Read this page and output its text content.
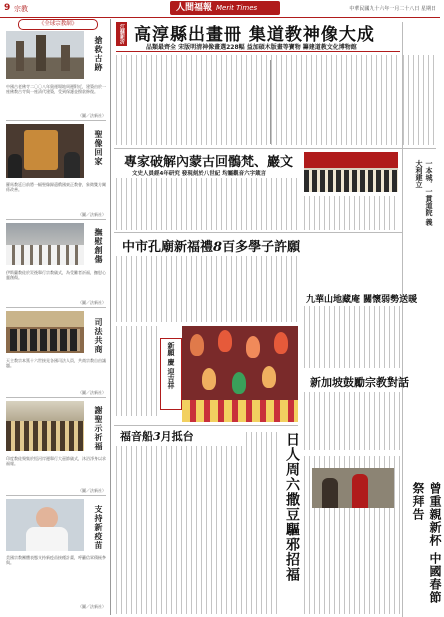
9 宗教	人間福報 Merit Times	中華民國九十六年一月二十八日 星期日
《全球宗教網》
搶救古跡
中國古老佛寺二〇〇八年奧運場地周邊附近，建築由於一座佛教古寺與一座清代建築，受到保護並撥款修復。
（圖／法新社）
聖像回家
羅馬教廷日前將一幅聖像歸還俄國東正教會，象徵雙方關係改善。
（圖／法新社）
撫慰創傷
伊斯蘭教徒於災後舉行宗教儀式，為受難者祈福，撫慰心靈創傷。
（圖／法新社）
司法共商
天主教宗本篤十六世接見各國司法人員，共商宗教自由議題。
（圖／法新社）
謝聖示祈福
印度教徒聚集於恆河岸邊舉行大壺節儀式，沐浴淨身以求福報。
（圖／法新社）
支持新疫苗
美國宗教團體表態支持新疫苗接種計畫，呼籲信眾積極參與。
（圖／法新社）
江蘇新沂 高淳縣出畫冊 集道教神像大成
品類最齊全 宋版明清神像畫選228幅 益加碩木版畫等寶物 籌建道教文化博物館
專家破解內蒙古回鶻梵、巖文
文史人員經4年研究 發現刻於八世紀 均屬觀音六字箴言	一本城．一貫道院 義大利建立
中市孔廟新福禮8百多學子許願
九華山地藏庵 關懷弱勢送暖
新願 慶 迎吉祥	新加坡鼓勵宗教對話
福音船3月抵台	日人周六撒豆驅邪招福	曾重親新杯 中國春節祭拜告
